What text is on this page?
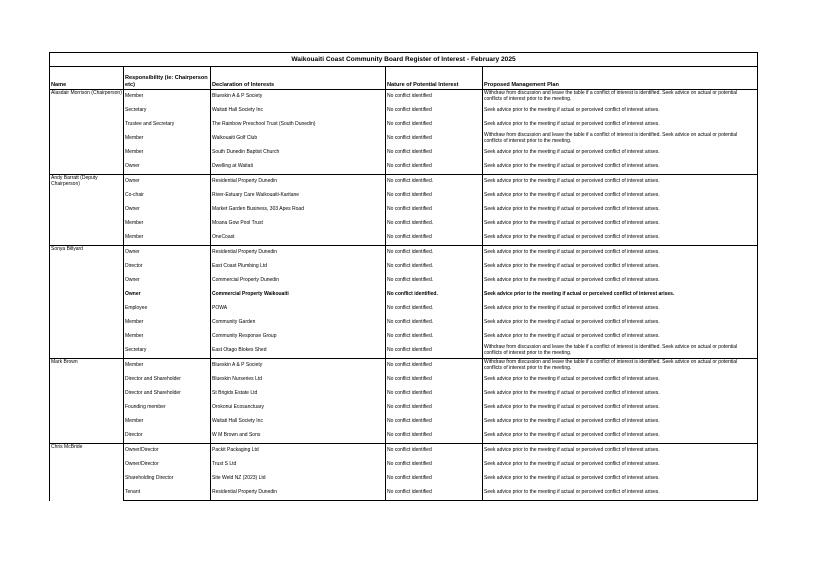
Waikouaiti Coast Community Board Register of Interest - February 2025				
Name	Responsibility (ie: Chairperson etc)	Declaration of Interests	Nature of Potential Interest	Proposed Management Plan
Alasdair Morrison (Chairperson)	Member	Blueskin A & P Society	No conflict identified	Withdraw from discussion and leave the table if a conflict of interest is identified. Seek advice on actual or potential conflicts of interest prior to the meeting.
	Secretary	Waitati Hall Society Inc	No conflict identified	Seek advice prior to the meeting if actual or perceived conflict of interest arises.
	Trustee and Secretary	The Rainbow Preschool Trust (South Dunedin)	No conflict identified	Seek advice prior to the meeting if actual or perceived conflict of interest arises.
	Member	Waikouaiti Golf Club	No conflict identified	Withdraw from discussion and leave the table if a conflict of interest is identified. Seek advice on actual or potential conflicts of interest prior to the meeting.
	Member	South Dunedin Baptist Church	No conflict identified	Seek advice prior to the meeting if actual or perceived conflict of interest arises.
	Owner	Dwelling at Waitati	No conflict identified	Seek advice prior to the meeting if actual or perceived conflict of interest arises.
Andy Barratt (Deputy Chairperson)	Owner	Residential Property Dunedin	No conflict identified.	Seek advice prior to the meeting if actual or perceived conflict of interest arises.
	Co-chair	River-Estuary Care Waikouaiti-Karitane	No conflict identified	Seek advice prior to the meeting if actual or perceived conflict of interest arises.
	Owner	Market Garden Business, 303 Apes Road	No conflict identified	Seek advice prior to the meeting if actual or perceived conflict of interest arises.
	Member	Moana Gow Pool Trust	No conflict identified.	Seek advice prior to the meeting if actual or perceived conflict of interest arises.
	Member	OneCoast	No conflict identified	Seek advice prior to the meeting if actual or perceived conflict of interest arises.
Sonya Billyard	Owner	Residential Property Dunedin	No conflict identified.	Seek advice prior to the meeting if actual or perceived conflict of interest arises.
	Director	East Coast Plumbing Ltd	No conflict identified.	Seek advice prior to the meeting if actual or perceived conflict of interest arises.
	Owner	Commercial Property Dunedin	No conflict identified.	Seek advice prior to the meeting if actual or perceived conflict of interest arises.
	Owner	Commercial Property Waikouaiti	No conflict identified.	Seek advice prior to the meeting if actual or perceived conflict of interest arises.
	Employee	POWA	No conflict identified.	Seek advice prior to the meeting if actual or perceived conflict of interest arises.
	Member	Community Garden	No conflict identified.	Seek advice prior to the meeting if actual or perceived conflict of interest arises.
	Member	Community Response Group	No conflict identified.	Seek advice prior to the meeting if actual or perceived conflict of interest arises.
	Secretary	East Otago Blokes Shed	No conflict identified	Withdraw from discussion and leave the table if a conflict of interest is identified. Seek advice on actual or potential conflicts of interest prior to the meeting.
Mark Brown	Member	Blueskin A & P Society	No conflict identified	Withdraw from discussion and leave the table if a conflict of interest is identified. Seek advice on actual or potential conflicts of interest prior to the meeting.
	Director and Shareholder	Blueskin Nurseries Ltd	No conflict identified	Seek advice prior to the meeting if actual or perceived conflict of interest arises.
	Director and Shareholder	St Brigids Estate Ltd	No conflict identified	Seek advice prior to the meeting if actual or perceived conflict of interest arises.
	Founding member	Orokonui Ecosanctuary	No conflict identified	Seek advice prior to the meeting if actual or perceived conflict of interest arises.
	Member	Waitati Hall Society Inc	No conflict identified	Seek advice prior to the meeting if actual or perceived conflict of interest arises.
	Director	W M Brown and Sons	No conflict identified	Seek advice prior to the meeting if actual or perceived conflict of interest arises.
Chris McBride	Owner/Director	Packit Packaging Ltd	No conflict identified	Seek advice prior to the meeting if actual or perceived conflict of interest arises.
	Owner/Director	Trust S Ltd	No conflict identified	Seek advice prior to the meeting if actual or perceived conflict of interest arises.
	Shareholding Director	Site Weld NZ (2023) Ltd	No conflict identified	Seek advice prior to the meeting if actual or perceived conflict of interest arises.
	Tenant	Residential Property Dunedin	No conflict identified	Seek advice prior to the meeting if actual or perceived conflict of interest arises.
